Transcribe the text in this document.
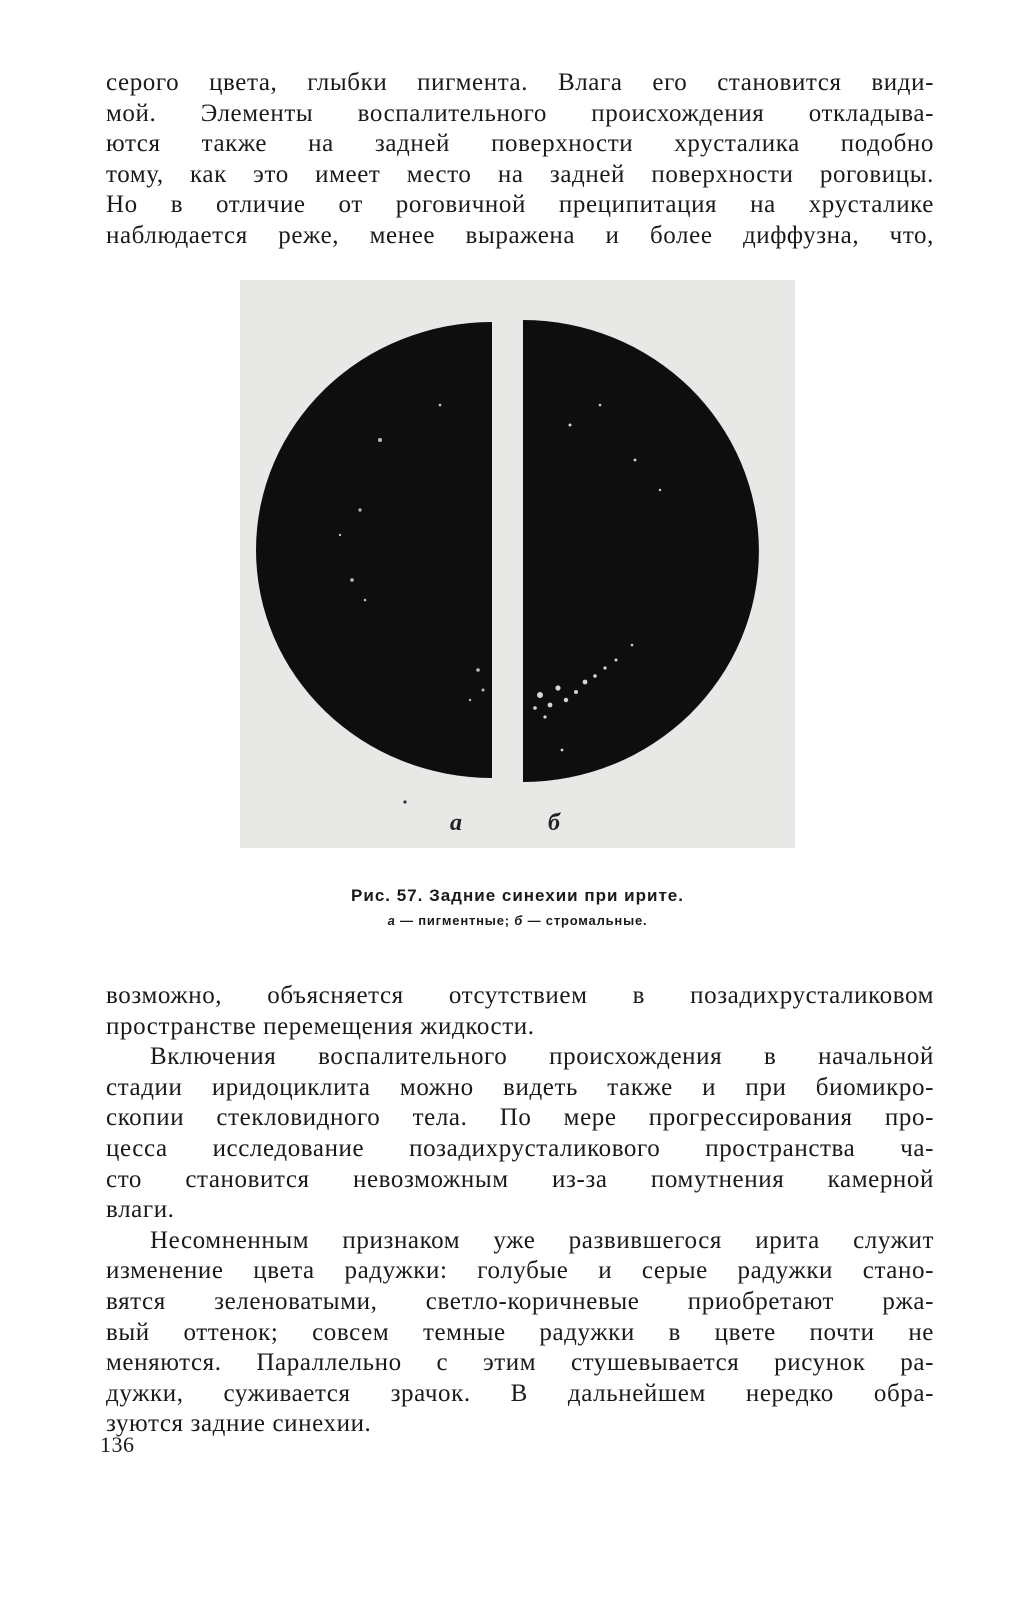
серого цвета, глыбки пигмента. Влага его становится види-
мой. Элементы воспалительного происхождения откладыва-
ются также на задней поверхности хрусталика подобно
тому, как это имеет место на задней поверхности роговицы.
Но в отличие от роговичной преципитация на хрусталике
наблюдается реже, менее выражена и более диффузна, что,

а	б
Рис. 57. Задние синехии при ирите.
а — пигментные; б — стромальные.

возможно, объясняется отсутствием в позадихрусталиковом
пространстве перемещения жидкости.

Включения воспалительного происхождения в начальной
стадии иридоциклита можно видеть также и при биомикро-
скопии стекловидного тела. По мере прогрессирования про-
цесса исследование позадихрусталикового пространства ча-
сто становится невозможным из-за помутнения камерной
влаги.

Несомненным признаком уже развившегося ирита служит
изменение цвета радужки: голубые и серые радужки стано-
вятся зеленоватыми, светло-коричневые приобретают ржа-
вый оттенок; совсем темные радужки в цвете почти не
меняются. Параллельно с этим стушевывается рисунок ра-
дужки, суживается зрачок. В дальнейшем нередко обра-
зуются задние синехии.

136
